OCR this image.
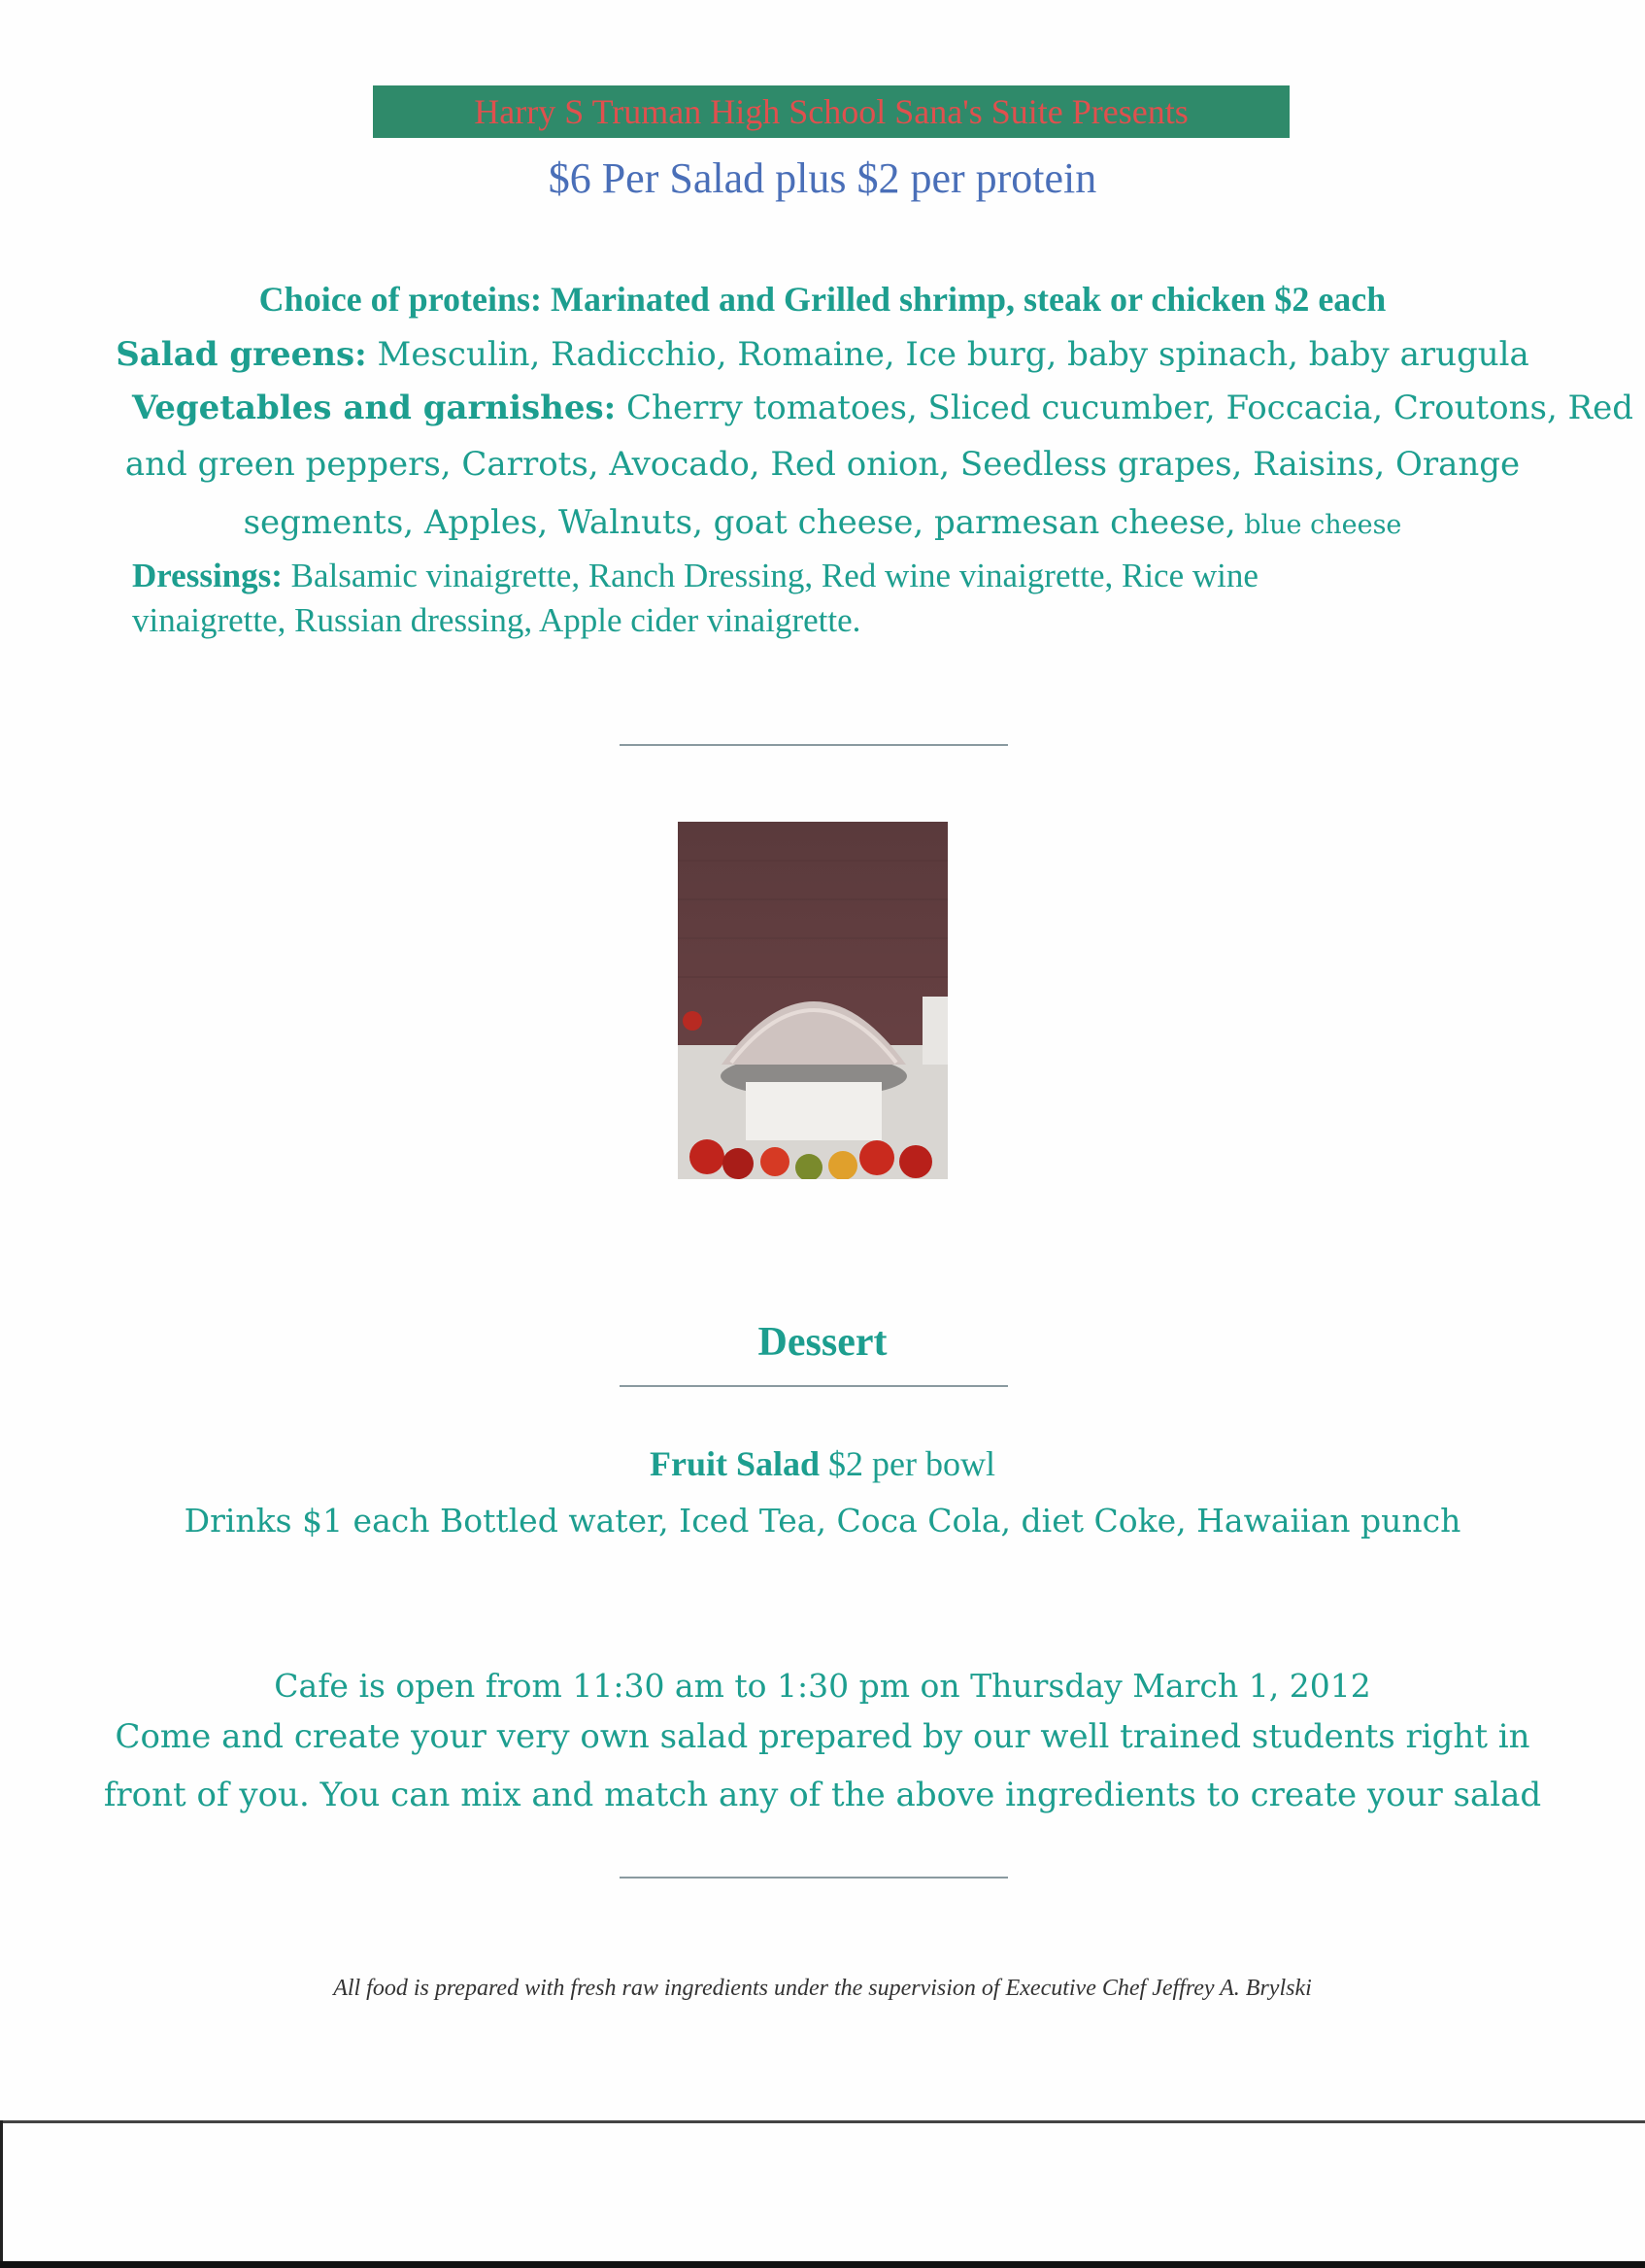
Harry S Truman High School Sana's Suite Presents
$6 Per Salad plus $2 per protein
Choice of proteins: Marinated and Grilled shrimp, steak or chicken $2 each
Salad greens: Mesculin, Radicchio, Romaine, Ice burg, baby spinach, baby arugula
Vegetables and garnishes: Cherry tomatoes, Sliced cucumber, Foccacia, Croutons, Red
and green peppers, Carrots, Avocado, Red onion, Seedless grapes, Raisins, Orange
segments, Apples, Walnuts, goat cheese, parmesan cheese, blue cheese
Dressings: Balsamic vinaigrette, Ranch Dressing, Red wine vinaigrette, Rice wine vinaigrette, Russian dressing, Apple cider vinaigrette.
Dessert
Fruit Salad $2 per bowl
Drinks $1 each Bottled water, Iced Tea, Coca Cola, diet Coke, Hawaiian punch
Cafe is open from 11:30 am to 1:30 pm on Thursday March 1, 2012
Come and create your very own salad prepared by our well trained students right in
front of you. You can mix and match any of the above ingredients to create your salad
All food is prepared with fresh raw ingredients under the supervision of Executive Chef Jeffrey A. Brylski
